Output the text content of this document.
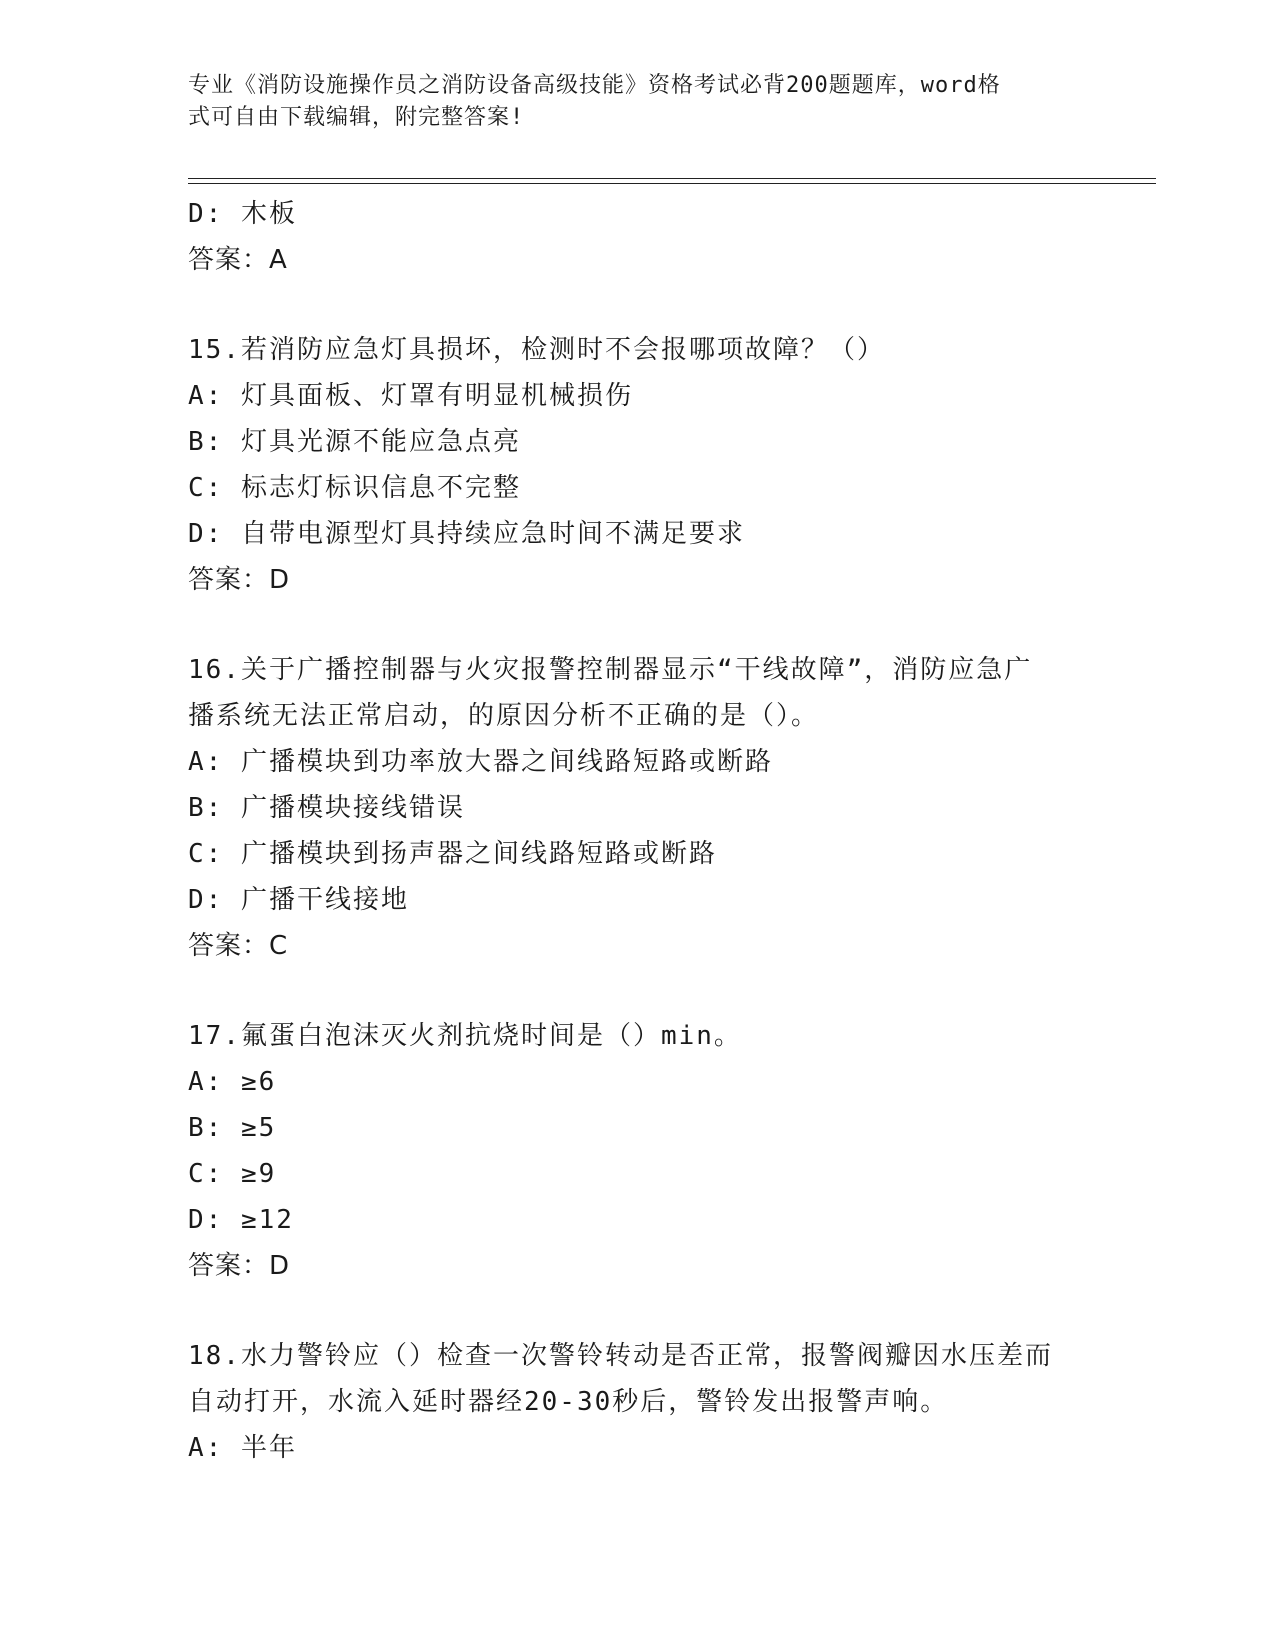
专业《消防设施操作员之消防设备高级技能》资格考试必背200题题库，word格
式可自由下载编辑，附完整答案!
D: 木板
答案：A
15.若消防应急灯具损坏，检测时不会报哪项故障？（）
A: 灯具面板、灯罩有明显机械损伤
B: 灯具光源不能应急点亮
C: 标志灯标识信息不完整
D: 自带电源型灯具持续应急时间不满足要求
答案：D
16.关于广播控制器与火灾报警控制器显示“干线故障”，消防应急广
播系统无法正常启动，的原因分析不正确的是（）。
A: 广播模块到功率放大器之间线路短路或断路
B: 广播模块接线错误
C: 广播模块到扬声器之间线路短路或断路
D: 广播干线接地
答案：C
17.氟蛋白泡沫灭火剂抗烧时间是（）min。
A: ≥6
B: ≥5
C: ≥9
D: ≥12
答案：D
18.水力警铃应（）检查一次警铃转动是否正常，报警阀瓣因水压差而
自动打开，水流入延时器经20-30秒后，警铃发出报警声响。
A: 半年
